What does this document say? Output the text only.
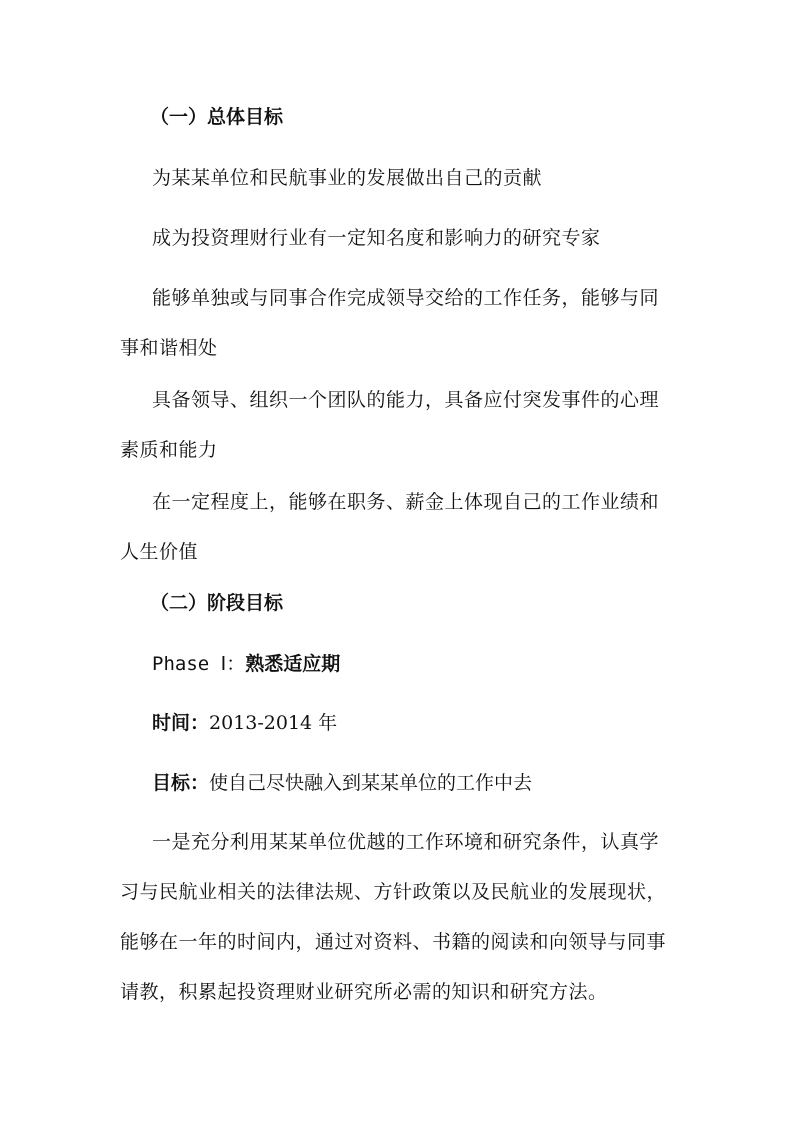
（一）总体目标
为某某单位和民航事业的发展做出自己的贡献
成为投资理财行业有一定知名度和影响力的研究专家
能够单独或与同事合作完成领导交给的工作任务，能够与同事和谐相处
具备领导、组织一个团队的能力，具备应付突发事件的心理素质和能力
在一定程度上，能够在职务、薪金上体现自己的工作业绩和人生价值
（二）阶段目标
Phase Ⅰ：熟悉适应期
时间：2013-2014 年
目标：使自己尽快融入到某某单位的工作中去
一是充分利用某某单位优越的工作环境和研究条件，认真学习与民航业相关的法律法规、方针政策以及民航业的发展现状，能够在一年的时间内，通过对资料、书籍的阅读和向领导与同事请教，积累起投资理财业研究所必需的知识和研究方法。
